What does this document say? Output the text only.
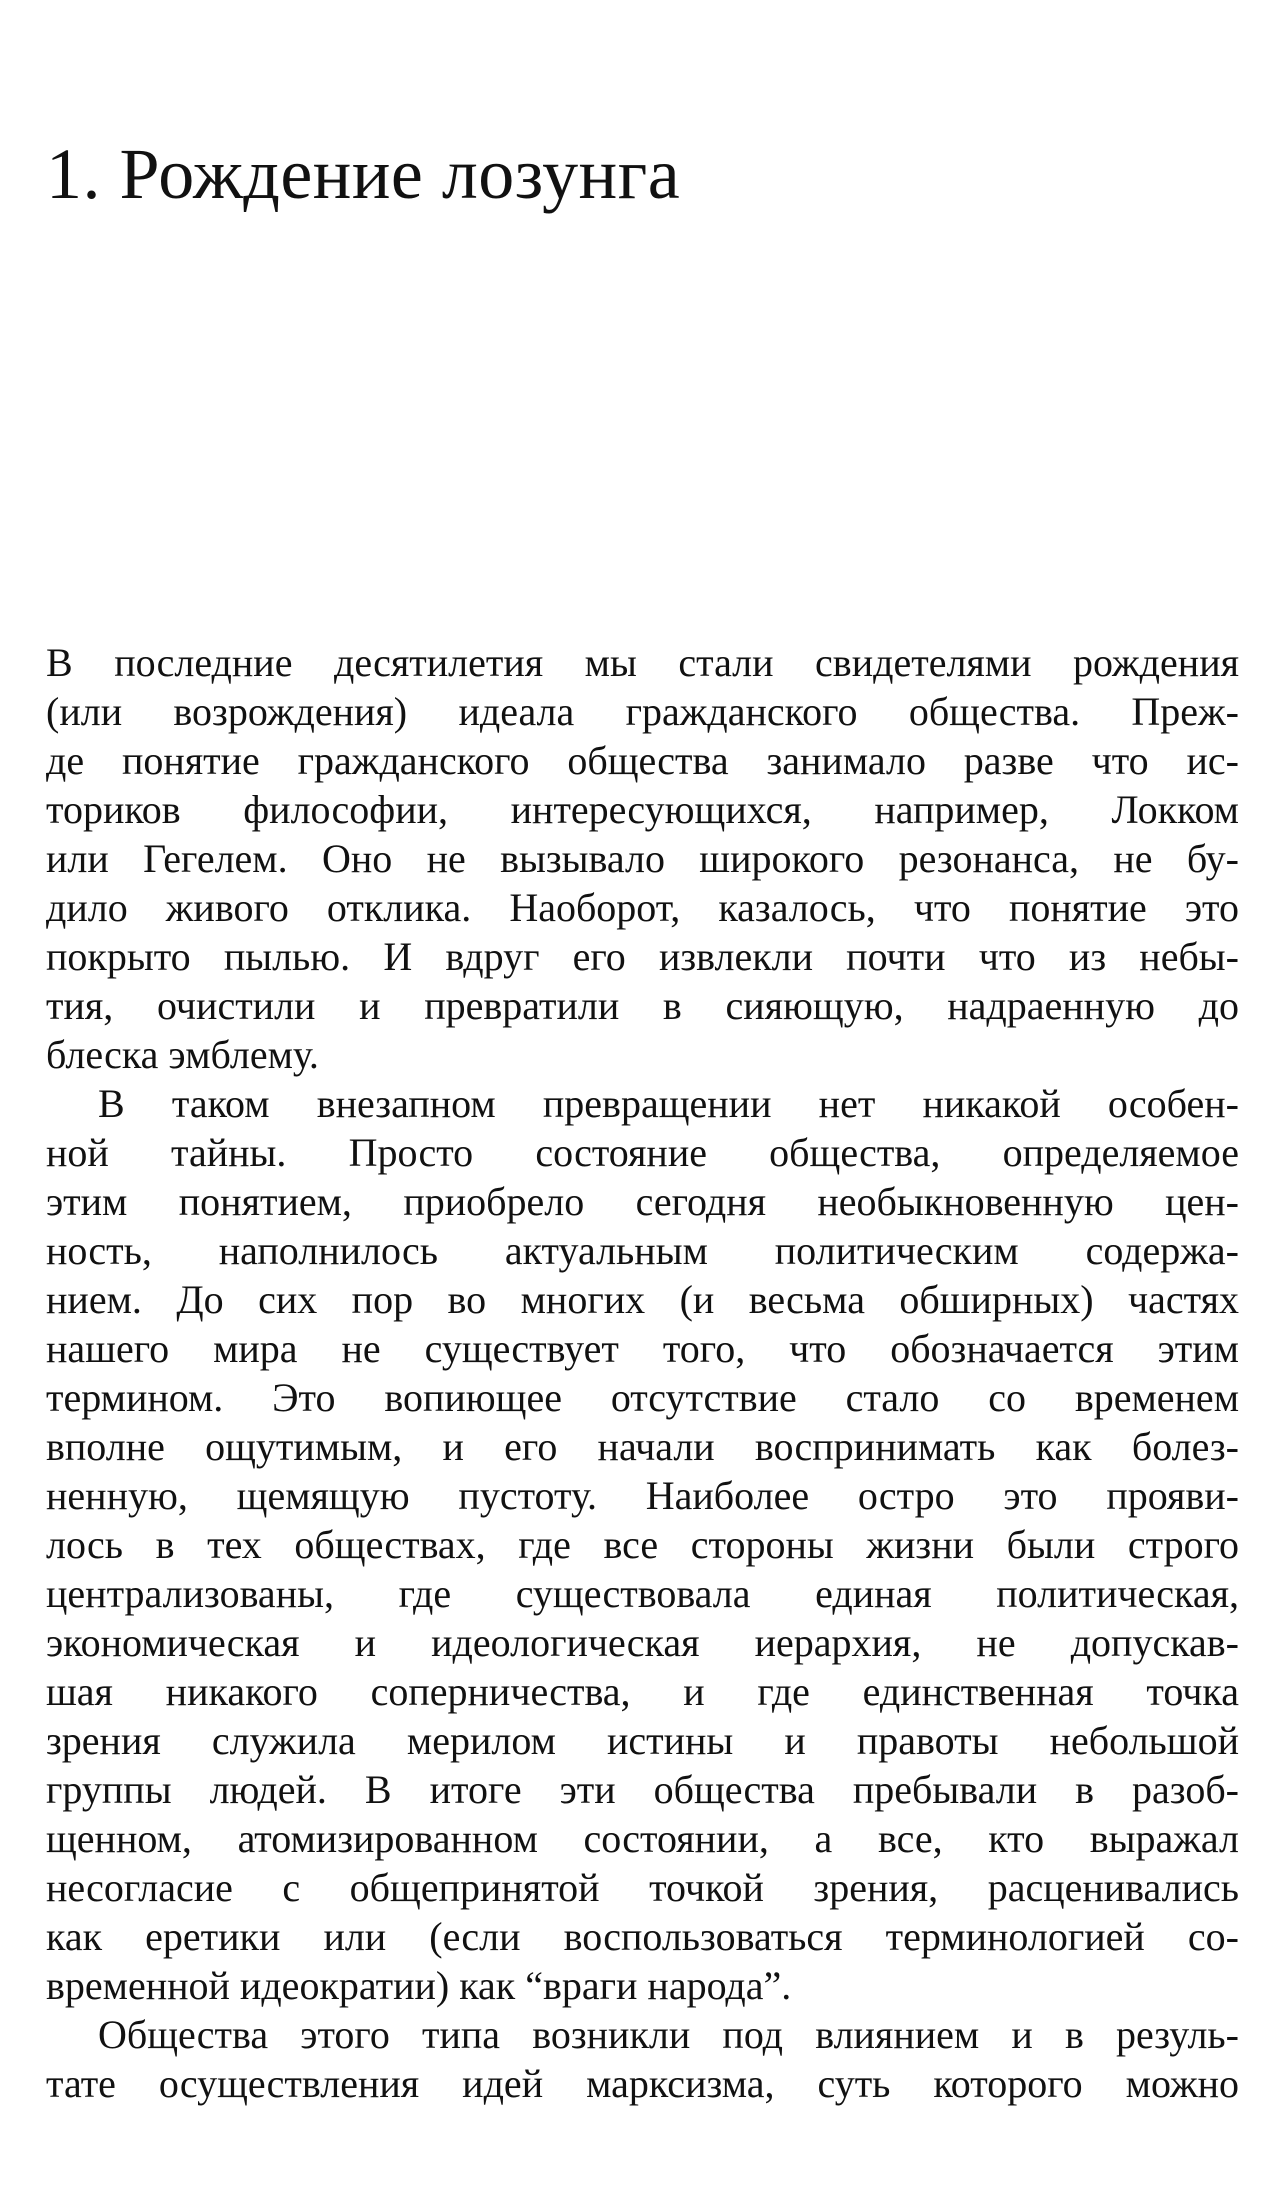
1. Рождение лозунга

В последние десятилетия мы стали свидетелями рождения
(или возрождения) идеала гражданского общества. Преж-
де понятие гражданского общества занимало разве что ис-
ториков философии, интересующихся, например, Локком
или Гегелем. Оно не вызывало широкого резонанса, не бу-
дило живого отклика. Наоборот, казалось, что понятие это
покрыто пылью. И вдруг его извлекли почти что из небы-
тия, очистили и превратили в сияющую, надраенную до
блеска эмблему.

В таком внезапном превращении нет никакой особен-
ной тайны. Просто состояние общества, определяемое
этим понятием, приобрело сегодня необыкновенную цен-
ность, наполнилось актуальным политическим содержа-
нием. До сих пор во многих (и весьма обширных) частях
нашего мира не существует того, что обозначается этим
термином. Это вопиющее отсутствие стало со временем
вполне ощутимым, и его начали воспринимать как болез-
ненную, щемящую пустоту. Наиболее остро это прояви-
лось в тех обществах, где все стороны жизни были строго
централизованы, где существовала единая политическая,
экономическая и идеологическая иерархия, не допускав-
шая никакого соперничества, и где единственная точка
зрения служила мерилом истины и правоты небольшой
группы людей. В итоге эти общества пребывали в разоб-
щенном, атомизированном состоянии, а все, кто выражал
несогласие с общепринятой точкой зрения, расценивались
как еретики или (если воспользоваться терминологией со-
временной идеократии) как “враги народа”.

Общества этого типа возникли под влиянием и в резуль-
тате осуществления идей марксизма, суть которого можно
